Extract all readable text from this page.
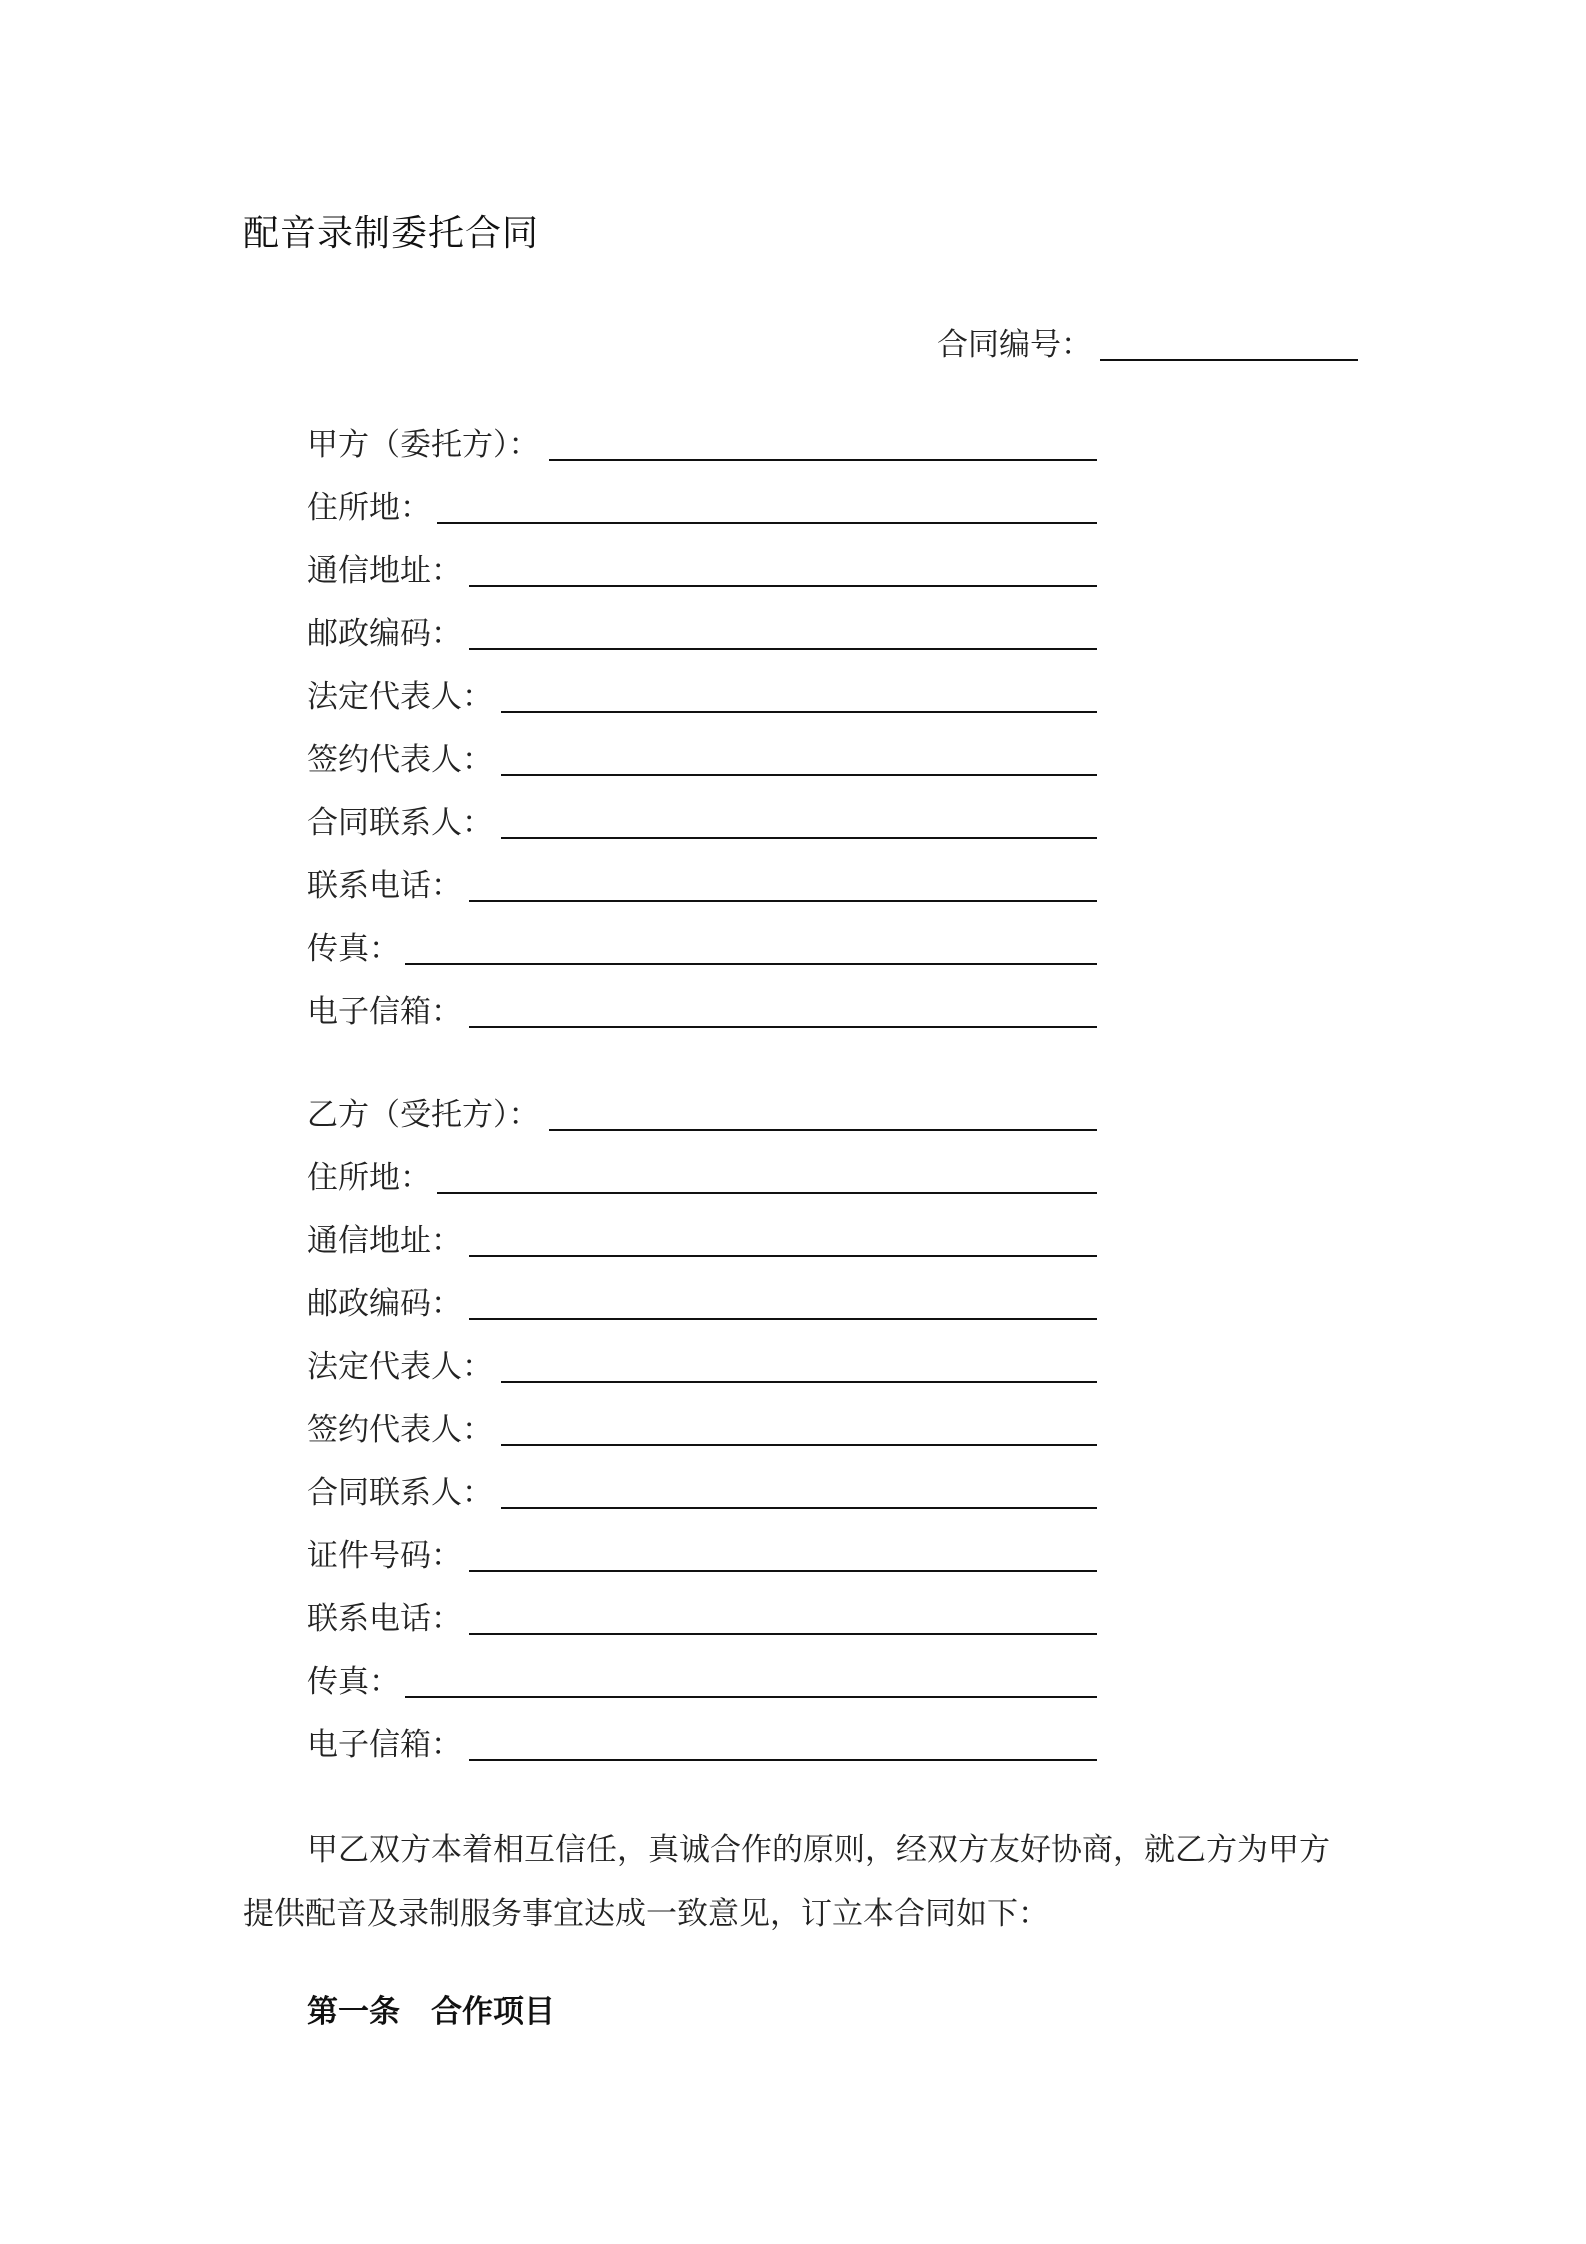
配音录制委托合同
合同编号：
甲方（委托方）：
住所地：
通信地址：
邮政编码：
法定代表人：
签约代表人：
合同联系人：
联系电话：
传真：
电子信箱：
乙方（受托方）：
住所地：
通信地址：
邮政编码：
法定代表人：
签约代表人：
合同联系人：
证件号码：
联系电话：
传真：
电子信箱：
甲乙双方本着相互信任，真诚合作的原则，经双方友好协商，就乙方为甲方
提供配音及录制服务事宜达成一致意见，订立本合同如下：
第一条　合作项目
